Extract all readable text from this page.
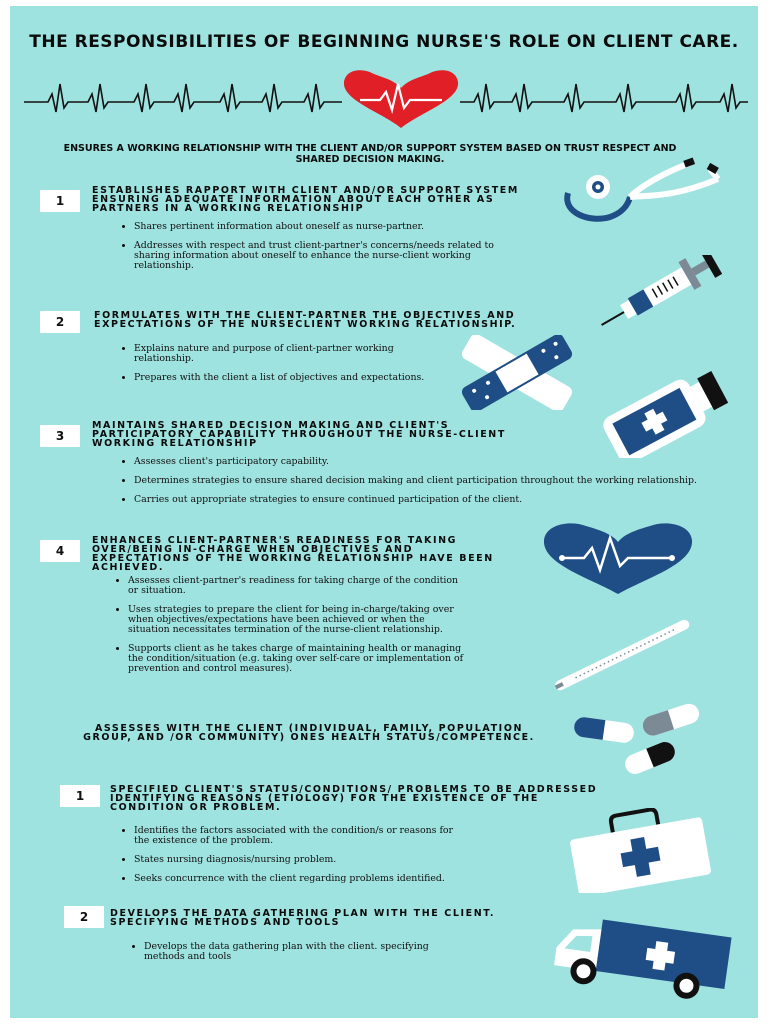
THE RESPONSIBILITIES OF BEGINNING NURSE'S ROLE ON CLIENT CARE.
ENSURES A WORKING RELATIONSHIP WITH THE CLIENT AND/OR SUPPORT SYSTEM BASED ON TRUST RESPECT AND SHARED DECISION MAKING.
1
ESTABLISHES RAPPORT WITH CLIENT AND/OR SUPPORT SYSTEM ENSURING ADEQUATE INFORMATION ABOUT EACH OTHER AS PARTNERS IN A WORKING RELATIONSHIP
• Shares pertinent information about oneself as nurse-partner.
• Addresses with respect and trust client-partner's concerns/needs related to sharing information about oneself to enhance the nurse-client working relationship.
2	FORMULATES WITH THE CLIENT-PARTNER THE OBJECTIVES AND EXPECTATIONS OF THE NURSECLIENT WORKING RELATIONSHIP.
• Explains nature and purpose of client-partner working relationship.
• Prepares with the client a list of objectives and expectations.
3
MAINTAINS SHARED DECISION MAKING AND CLIENT'S PARTICIPATORY CAPABILITY THROUGHOUT THE NURSE-CLIENT WORKING RELATIONSHIP
• Assesses client's participatory capability.
• Determines strategies to ensure shared decision making and client participation throughout the working relationship.
• Carries out appropriate strategies to ensure continued participation of the client.
4
ENHANCES CLIENT-PARTNER'S READINESS FOR TAKING OVER/BEING IN-CHARGE WHEN OBJECTIVES AND EXPECTATIONS OF THE WORKING RELATIONSHIP HAVE BEEN ACHIEVED.
• Assesses client-partner's readiness for taking charge of the condition or situation.
• Uses strategies to prepare the client for being in-charge/taking over when objectives/expectations have been achieved or when the situation necessitates termination of the nurse-client relationship.
• Supports client as he takes charge of maintaining health or managing the condition/situation (e.g. taking over self-care or implementation of prevention and control measures).
ASSESSES WITH THE CLIENT (INDIVIDUAL, FAMILY, POPULATION GROUP, AND /OR COMMUNITY) ONES HEALTH STATUS/COMPETENCE.
1	SPECIFIED CLIENT'S STATUS/CONDITIONS/ PROBLEMS TO BE ADDRESSED IDENTIFYING REASONS (ETIOLOGY) FOR THE EXISTENCE OF THE CONDITION OR PROBLEM.
• Identifies the factors associated with the condition/s or reasons for the existence of the problem.
• States nursing diagnosis/nursing problem.
• Seeks concurrence with the client regarding problems identified.
2	DEVELOPS THE DATA GATHERING PLAN WITH THE CLIENT. SPECIFYING METHODS AND TOOLS
• Develops the data gathering plan with the client. specifying methods and tools
